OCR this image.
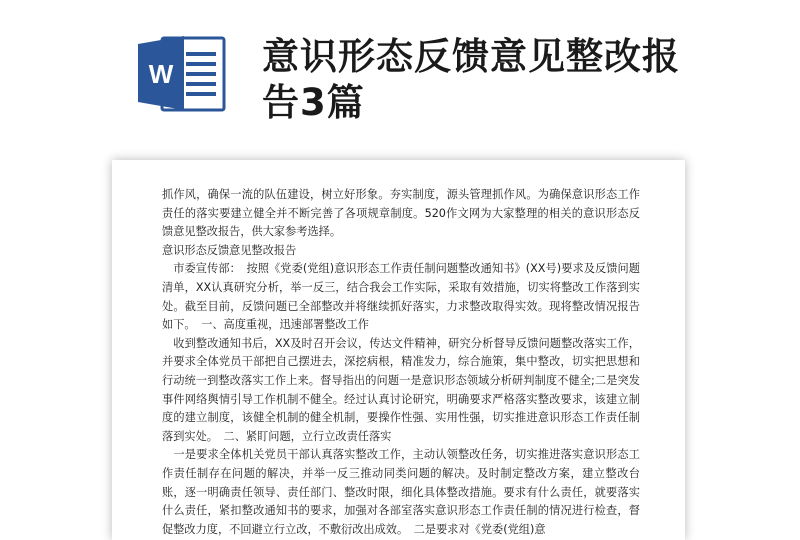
W 意识形态反馈意见整改报告3篇

抓作风，确保一流的队伍建设，树立好形象。夯实制度，源头管理抓作风。为确保意识形态工作责任的落实要建立健全并不断完善了各项规章制度。520作文网为大家整理的相关的意识形态反馈意见整改报告，供大家参考选择。

意识形态反馈意见整改报告

　市委宣传部：　按照《党委(党组)意识形态工作责任制问题整改通知书》(XX号)要求及反馈问题清单，XX认真研究分析，举一反三，结合我会工作实际，采取有效措施，切实将整改工作落到实处。截至目前，反馈问题已全部整改并将继续抓好落实，力求整改取得实效。现将整改情况报告如下。　一、高度重视，迅速部署整改工作

　收到整改通知书后，XX及时召开会议，传达文件精神，研究分析督导反馈问题整改落实工作，并要求全体党员干部把自己摆进去，深挖病根，精准发力，综合施策，集中整改，切实把思想和行动统一到整改落实工作上来。督导指出的问题一是意识形态领域分析研判制度不健全;二是突发事件网络舆情引导工作机制不健全。经过认真讨论研究，明确要求严格落实整改要求，该建立制度的建立制度，该健全机制的健全机制，要操作性强、实用性强，切实推进意识形态工作责任制落到实处。　二、紧盯问题，立行立改责任落实

　一是要求全体机关党员干部认真落实整改工作，主动认领整改任务，切实推进落实意识形态工作责任制存在问题的解决，并举一反三推动同类问题的解决。及时制定整改方案，建立整改台账，逐一明确责任领导、责任部门、整改时限，细化具体整改措施。要求有什么责任，就要落实什么责任，紧扣整改通知书的要求，加强对各部室落实意识形态工作责任制的情况进行检查，督促整改力度，不回避立行立改，不敷衍改出成效。　二是要求对《党委(党组)意
